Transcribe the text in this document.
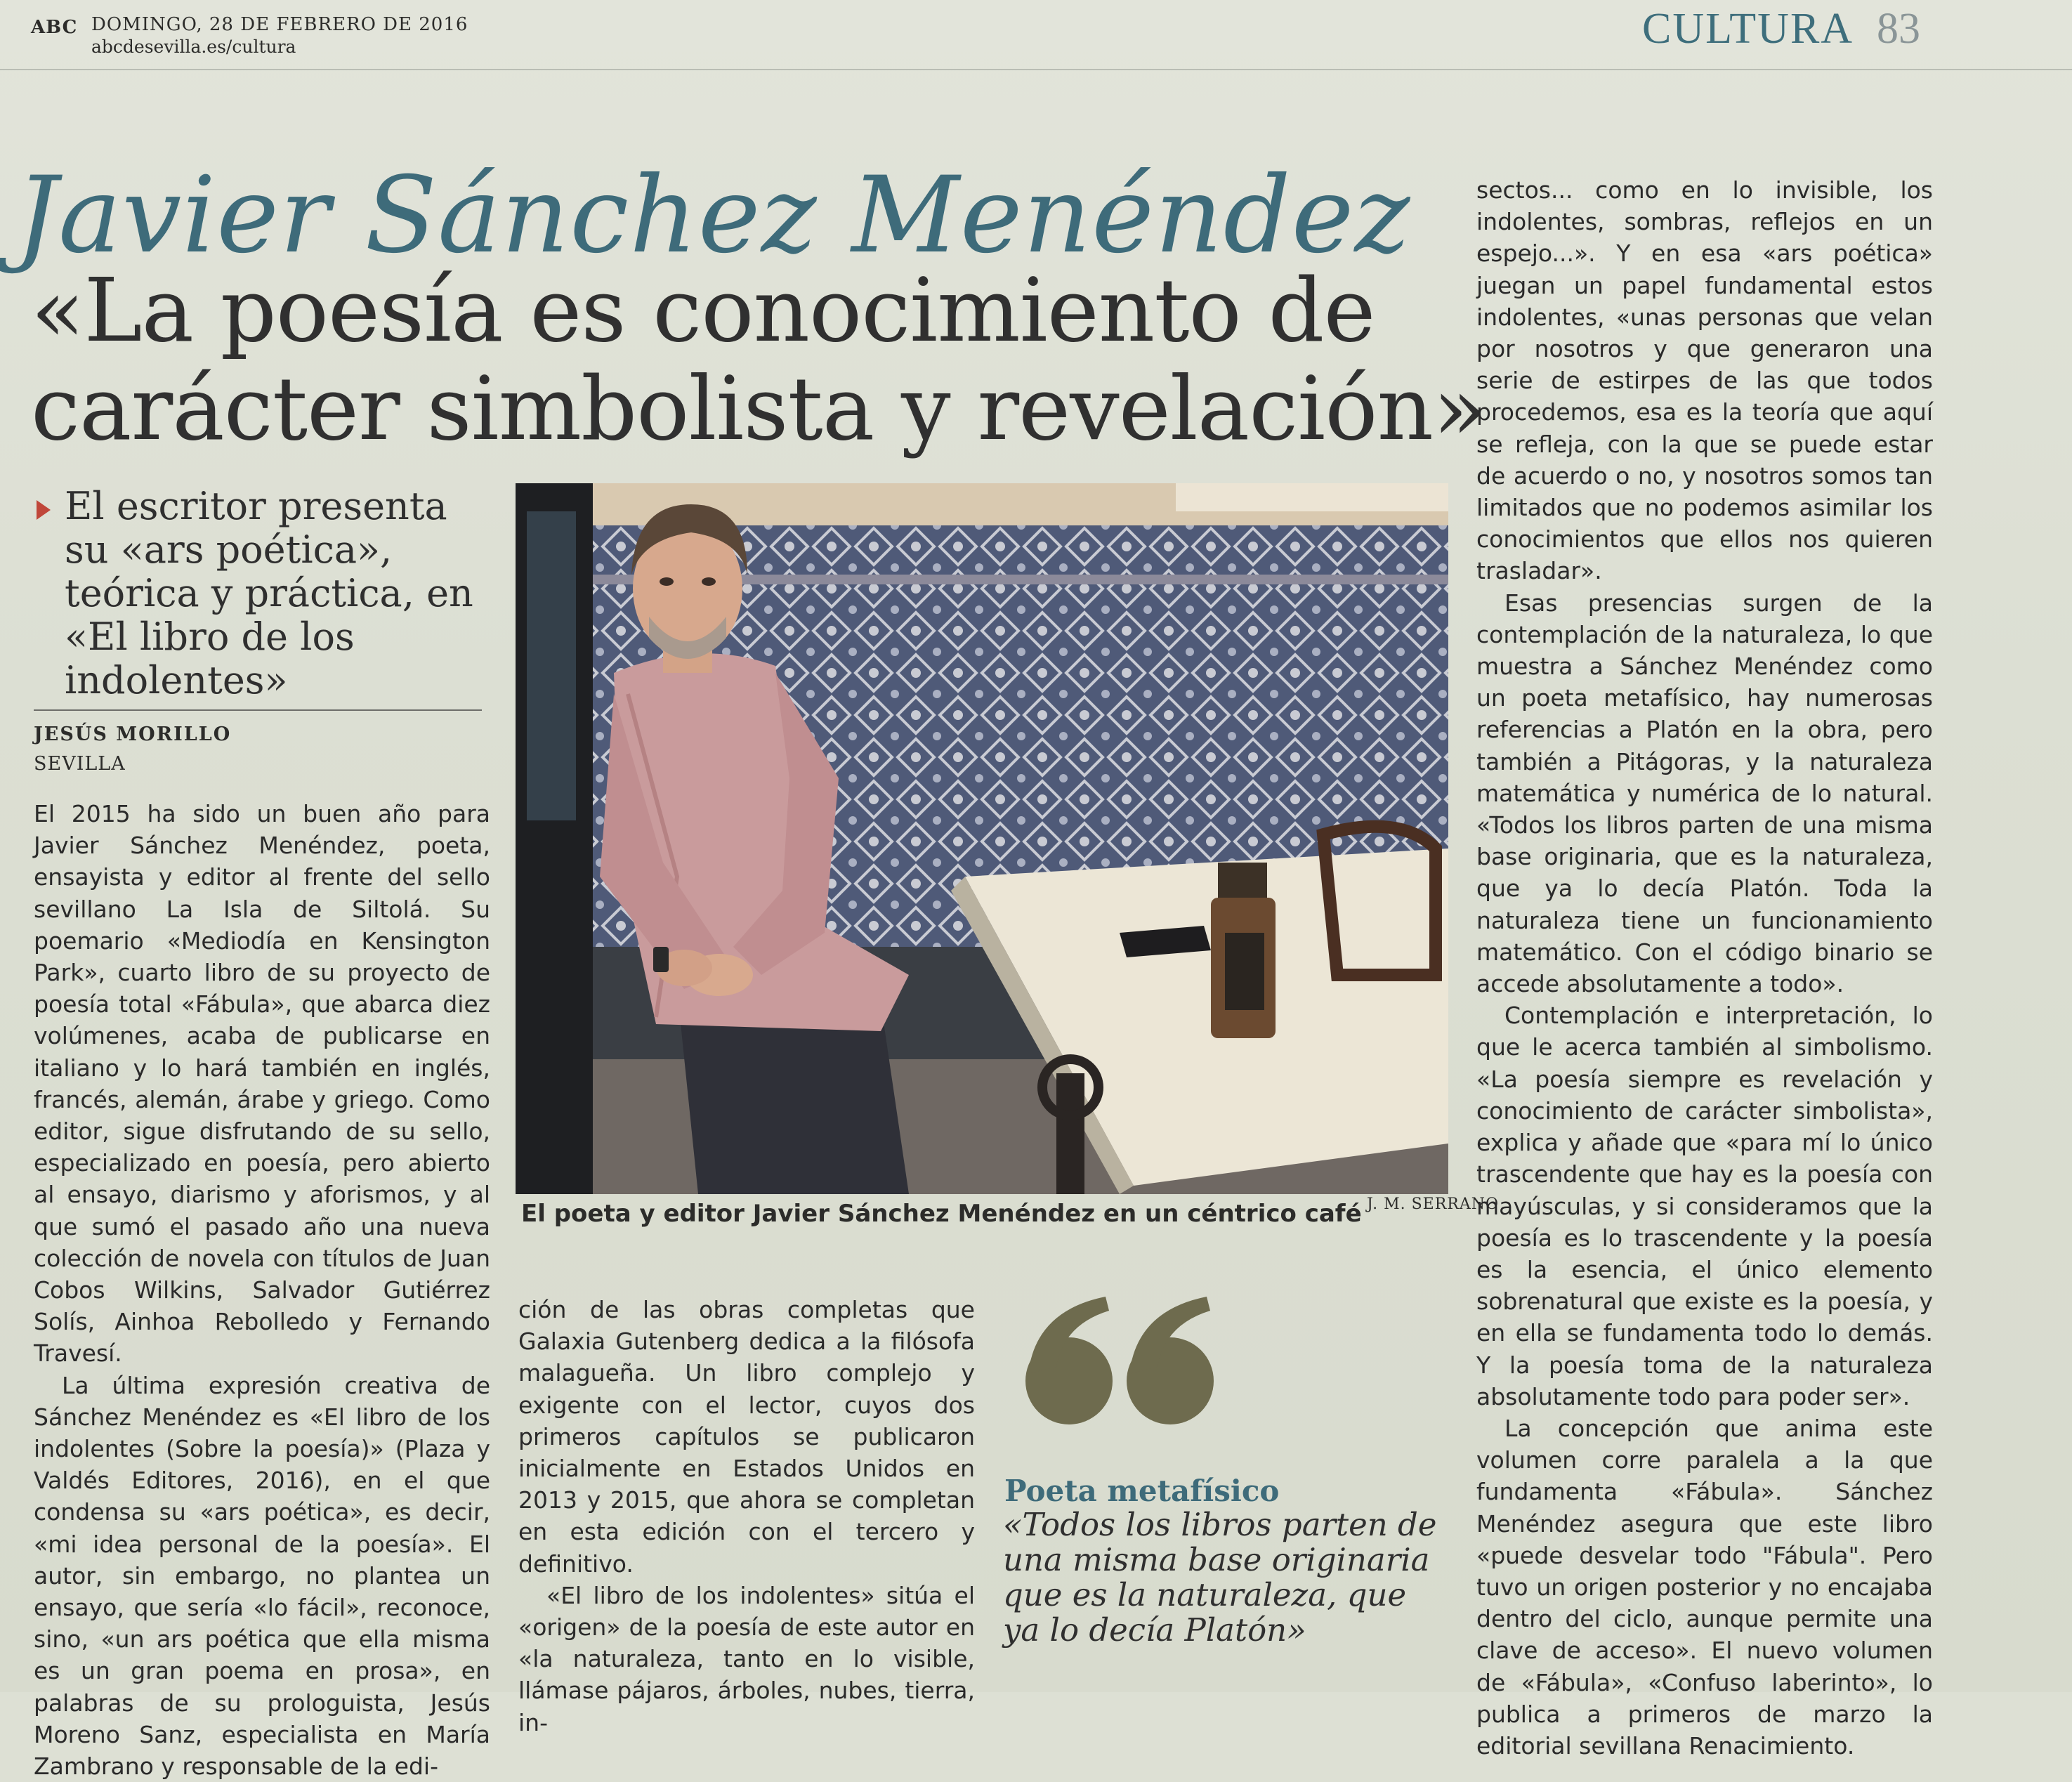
ABC DOMINGO, 28 DE FEBRERO DE 2016
abcdesevilla.es/cultura	CULTURA 83
Javier Sánchez Menéndez
«La poesía es conocimiento de
carácter simbolista y revelación»
El escritor presenta su «ars poética», teórica y práctica, en «El libro de los indolentes»
JESÚS MORILLO
SEVILLA

El 2015 ha sido un buen año para Javier Sánchez Menéndez, poeta, ensayista y editor al frente del sello sevillano La Isla de Siltolá. Su poemario «Mediodía en Kensington Park», cuarto libro de su proyecto de poesía total «Fábula», que abarca diez volúmenes, acaba de publicarse en italiano y lo hará también en inglés, francés, alemán, árabe y griego. Como editor, sigue disfrutando de su sello, especializado en poesía, pero abierto al ensayo, diarismo y aforismos, y al que sumó el pasado año una nueva colección de novela con títulos de Juan Cobos Wilkins, Salvador Gutiérrez Solís, Ainhoa Rebolledo y Fernando Travesí.

La última expresión creativa de Sánchez Menéndez es «El libro de los indolentes (Sobre la poesía)» (Plaza y Valdés Editores, 2016), en el que condensa su «ars poética», es decir, «mi idea personal de la poesía». El autor, sin embargo, no plantea un ensayo, que sería «lo fácil», reconoce, sino, «un ars poética que ella misma es un gran poema en prosa», en palabras de su prologuista, Jesús Moreno Sanz, especialista en María Zambrano y responsable de la edi-

J. M. SERRANO
El poeta y editor Javier Sánchez Menéndez en un céntrico café

ción de las obras completas que Galaxia Gutenberg dedica a la filósofa malagueña. Un libro complejo y exigente con el lector, cuyos dos primeros capítulos se publicaron inicialmente en Estados Unidos en 2013 y 2015, que ahora se completan en esta edición con el tercero y definitivo.

«El libro de los indolentes» sitúa el «origen» de la poesía de este autor en «la naturaleza, tanto en lo visible, llámase pájaros, árboles, nubes, tierra, in-

Poeta metafísico
«Todos los libros parten de una misma base originaria que es la naturaleza, que ya lo decía Platón»

sectos... como en lo invisible, los indolentes, sombras, reflejos en un espejo...». Y en esa «ars poética» juegan un papel fundamental estos indolentes, «unas personas que velan por nosotros y que generaron una serie de estirpes de las que todos procedemos, esa es la teoría que aquí se refleja, con la que se puede estar de acuerdo o no, y nosotros somos tan limitados que no podemos asimilar los conocimientos que ellos nos quieren trasladar».

Esas presencias surgen de la contemplación de la naturaleza, lo que muestra a Sánchez Menéndez como un poeta metafísico, hay numerosas referencias a Platón en la obra, pero también a Pitágoras, y la naturaleza matemática y numérica de lo natural. «Todos los libros parten de una misma base originaria, que es la naturaleza, que ya lo decía Platón. Toda la naturaleza tiene un funcionamiento matemático. Con el código binario se accede absolutamente a todo».

Contemplación e interpretación, lo que le acerca también al simbolismo. «La poesía siempre es revelación y conocimiento de carácter simbolista», explica y añade que «para mí lo único trascendente que hay es la poesía con mayúsculas, y si consideramos que la poesía es lo trascendente y la poesía es la esencia, el único elemento sobrenatural que existe es la poesía, y en ella se fundamenta todo lo demás. Y la poesía toma de la naturaleza absolutamente todo para poder ser».

La concepción que anima este volumen corre paralela a la que fundamenta «Fábula». Sánchez Menéndez asegura que este libro «puede desvelar todo "Fábula". Pero tuvo un origen posterior y no encajaba dentro del ciclo, aunque permite una clave de acceso». El nuevo volumen de «Fábula», «Confuso laberinto», lo publica a primeros de marzo la editorial sevillana Renacimiento.
